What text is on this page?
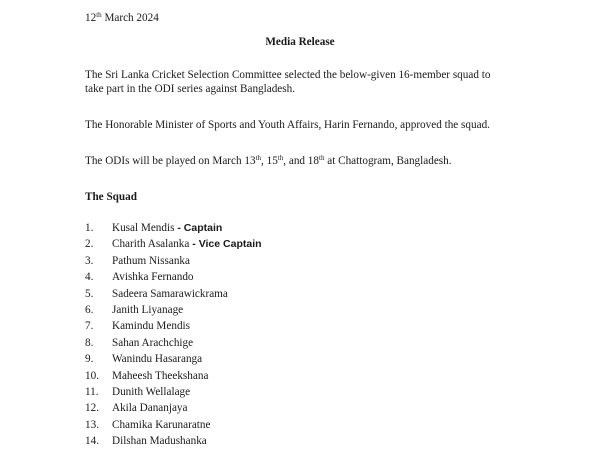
12th March 2024

Media Release

The Sri Lanka Cricket Selection Committee selected the below-given 16-member squad to

take part in the ODI series against Bangladesh.

The Honorable Minister of Sports and Youth Affairs, Harin Fernando, approved the squad.

The ODIs will be played on March 13th, 15th, and 18th at Chattogram, Bangladesh.

The Squad

1. Kusal Mendis - Captain
2. Charith Asalanka - Vice Captain
3. Pathum Nissanka
4. Avishka Fernando
5. Sadeera Samarawickrama
6. Janith Liyanage
7. Kamindu Mendis
8. Sahan Arachchige
9. Wanindu Hasaranga
10. Maheesh Theekshana
11. Dunith Wellalage
12. Akila Dananjaya
13. Chamika Karunaratne
14. Dilshan Madushanka
